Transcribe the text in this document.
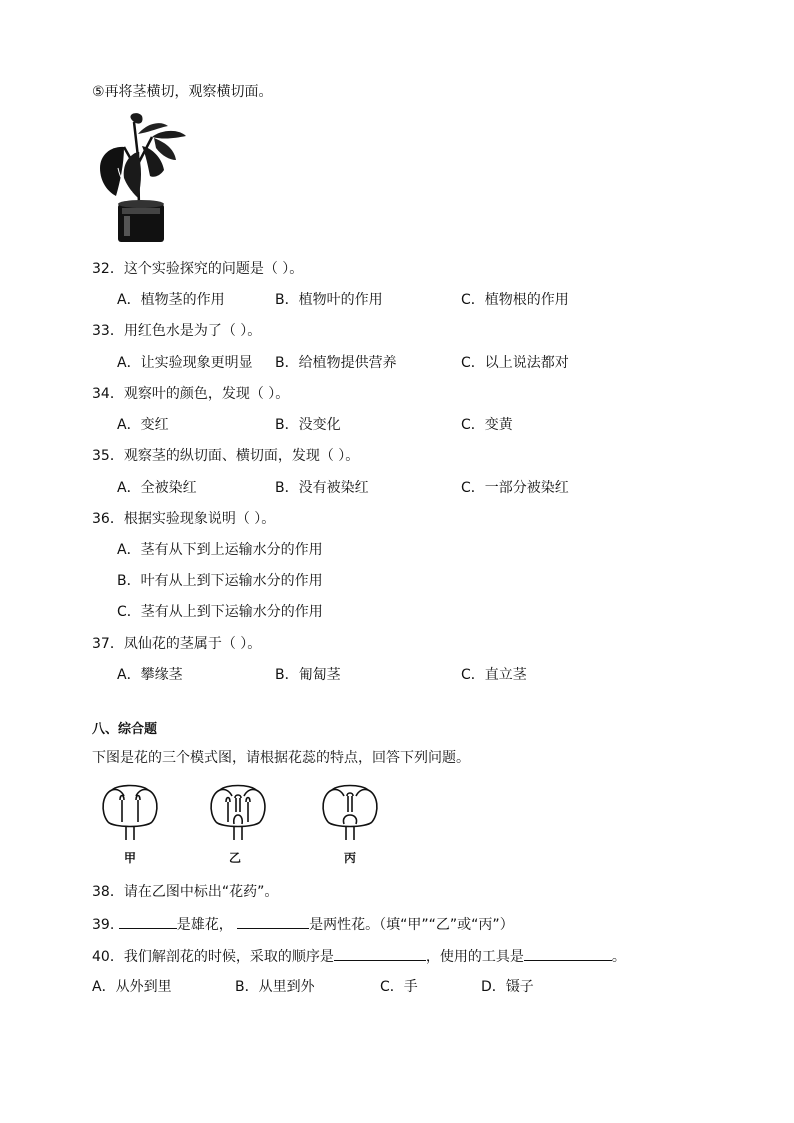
⑤再将茎横切，观察横切面。
32．这个实验探究的问题是（ ）。
A．植物茎的作用	B．植物叶的作用	C．植物根的作用
33．用红色水是为了（ ）。
A．让实验现象更明显 B．给植物提供营养	C．以上说法都对
34．观察叶的颜色，发现（ ）。
A．变红	B．没变化	C．变黄
35．观察茎的纵切面、横切面，发现（ ）。
A．全被染红	B．没有被染红	C．一部分被染红
36．根据实验现象说明（ ）。
A．茎有从下到上运输水分的作用
B．叶有从上到下运输水分的作用
C．茎有从上到下运输水分的作用
37．凤仙花的茎属于（ ）。
A．攀缘茎	B．匍匐茎	C．直立茎
八、综合题
下图是花的三个模式图，请根据花蕊的特点，回答下列问题。
甲	乙	丙
38．请在乙图中标出“花药”。
39.	是雄花，	是两性花。（填“甲”“乙”或“丙”）
40．我们解剖花的时候，采取的顺序是	，使用的工具是	。
A．从外到里	B．从里到外	C．手	D．镊子
